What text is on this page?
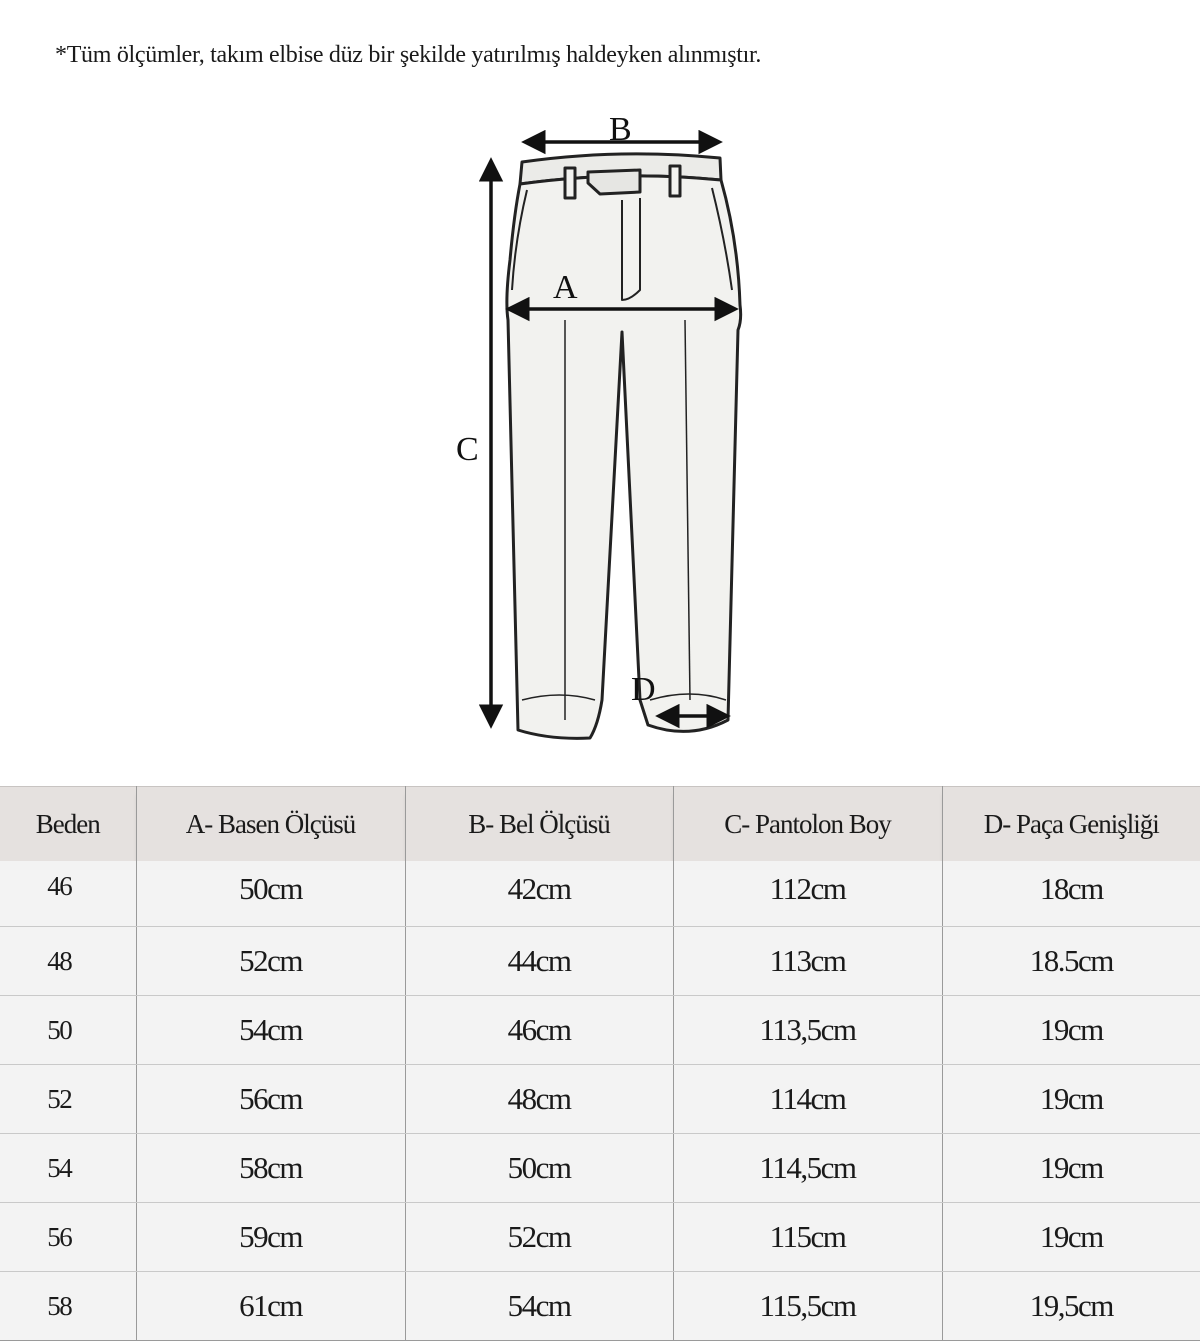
*Tüm ölçümler, takım elbise düz bir şekilde yatırılmış haldeyken alınmıştır.
B
A
C
D
Beden	A- Basen Ölçüsü	B- Bel Ölçüsü	C- Pantolon Boy	D- Paça Genişliği
46	50cm	42cm	112cm	18cm
48	52cm	44cm	113cm	18.5cm
50	54cm	46cm	113,5cm	19cm
52	56cm	48cm	114cm	19cm
54	58cm	50cm	114,5cm	19cm
56	59cm	52cm	115cm	19cm
58	61cm	54cm	115,5cm	19,5cm
